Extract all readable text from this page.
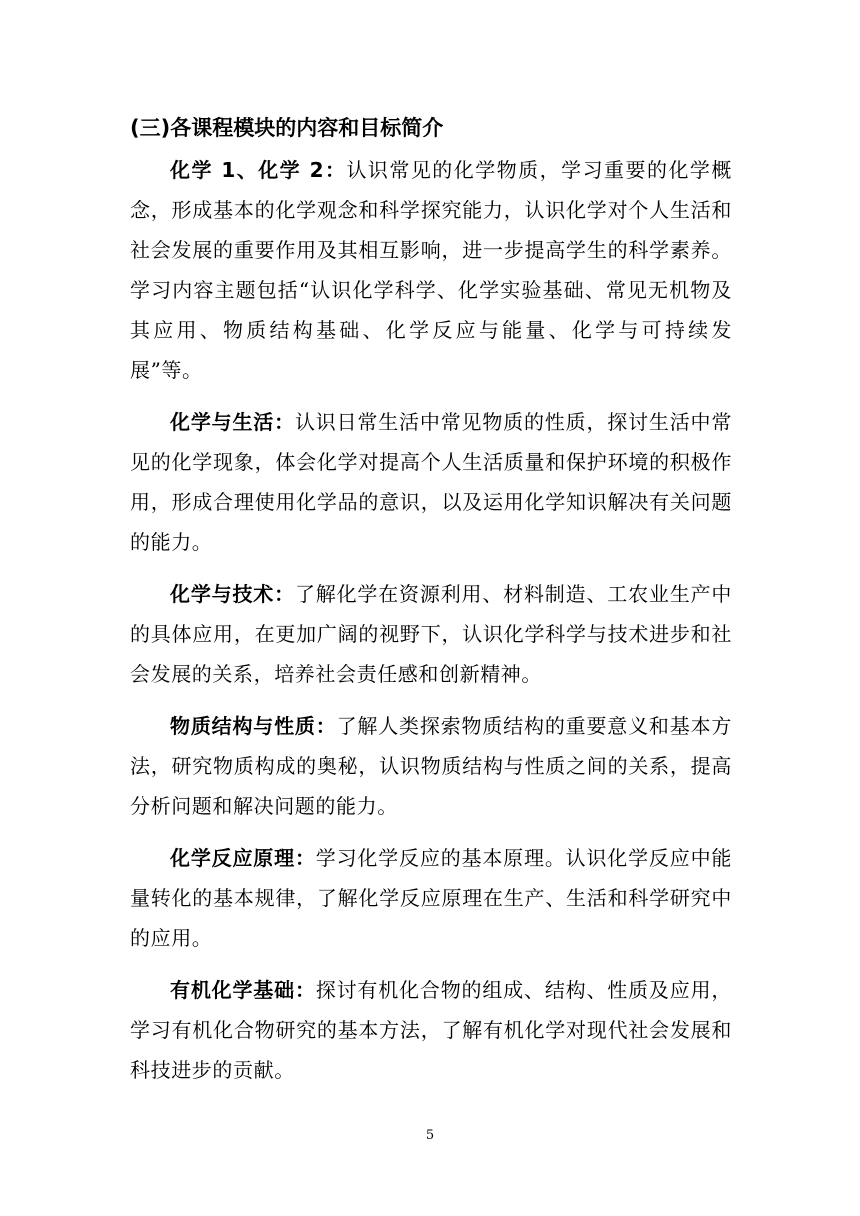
(三)各课程模块的内容和目标简介

化学 1、化学 2：认识常见的化学物质，学习重要的化学概念，形成基本的化学观念和科学探究能力，认识化学对个人生活和社会发展的重要作用及其相互影响，进一步提高学生的科学素养。学习内容主题包括“认识化学科学、化学实验基础、常见无机物及其应用、物质结构基础、化学反应与能量、化学与可持续发展”等。

化学与生活：认识日常生活中常见物质的性质，探讨生活中常见的化学现象，体会化学对提高个人生活质量和保护环境的积极作用，形成合理使用化学品的意识，以及运用化学知识解决有关问题的能力。

化学与技术：了解化学在资源利用、材料制造、工农业生产中的具体应用，在更加广阔的视野下，认识化学科学与技术进步和社会发展的关系，培养社会责任感和创新精神。

物质结构与性质：了解人类探索物质结构的重要意义和基本方法，研究物质构成的奥秘，认识物质结构与性质之间的关系，提高分析问题和解决问题的能力。

化学反应原理：学习化学反应的基本原理。认识化学反应中能量转化的基本规律，了解化学反应原理在生产、生活和科学研究中的应用。

有机化学基础：探讨有机化合物的组成、结构、性质及应用，学习有机化合物研究的基本方法，了解有机化学对现代社会发展和科技进步的贡献。

5
